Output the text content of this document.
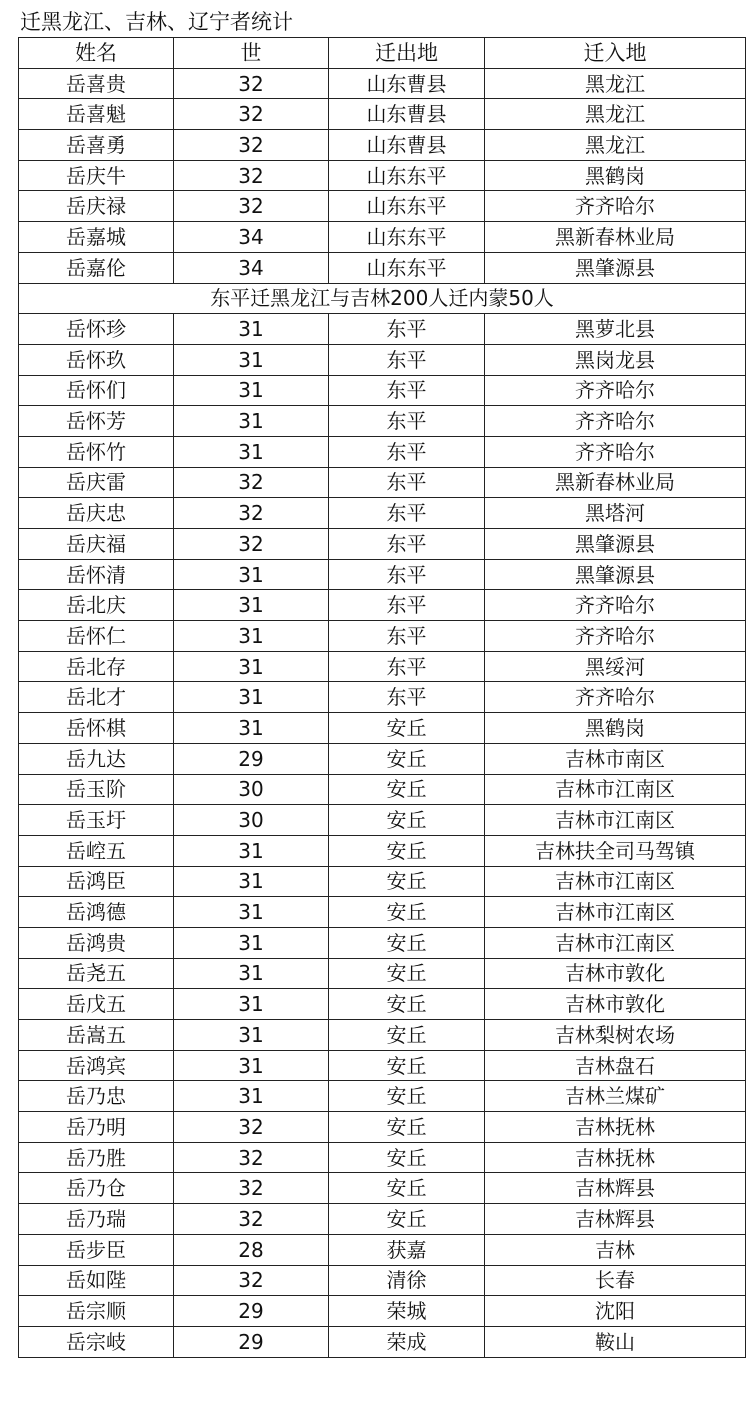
迁黑龙江、吉林、辽宁者统计
姓名	世	迁出地	迁入地
岳喜贵	32	山东曹县	黑龙江
岳喜魁	32	山东曹县	黑龙江
岳喜勇	32	山东曹县	黑龙江
岳庆牛	32	山东东平	黑鹤岗
岳庆禄	32	山东东平	齐齐哈尔
岳嘉城	34	山东东平	黑新春林业局
岳嘉伦	34	山东东平	黑肇源县
东平迁黑龙江与吉林200人迁内蒙50人			
岳怀珍	31	东平	黑萝北县
岳怀玖	31	东平	黑岗龙县
岳怀们	31	东平	齐齐哈尔
岳怀芳	31	东平	齐齐哈尔
岳怀竹	31	东平	齐齐哈尔
岳庆雷	32	东平	黑新春林业局
岳庆忠	32	东平	黑塔河
岳庆福	32	东平	黑肇源县
岳怀清	31	东平	黑肇源县
岳北庆	31	东平	齐齐哈尔
岳怀仁	31	东平	齐齐哈尔
岳北存	31	东平	黑绥河
岳北才	31	东平	齐齐哈尔
岳怀棋	31	安丘	黑鹤岗
岳九达	29	安丘	吉林市南区
岳玉阶	30	安丘	吉林市江南区
岳玉圩	30	安丘	吉林市江南区
岳崆五	31	安丘	吉林扶全司马驾镇
岳鸿臣	31	安丘	吉林市江南区
岳鸿德	31	安丘	吉林市江南区
岳鸿贵	31	安丘	吉林市江南区
岳尧五	31	安丘	吉林市敦化
岳戊五	31	安丘	吉林市敦化
岳嵩五	31	安丘	吉林梨树农场
岳鸿宾	31	安丘	吉林盘石
岳乃忠	31	安丘	吉林兰煤矿
岳乃明	32	安丘	吉林抚林
岳乃胜	32	安丘	吉林抚林
岳乃仓	32	安丘	吉林辉县
岳乃瑞	32	安丘	吉林辉县
岳步臣	28	获嘉	吉林
岳如陛	32	清徐	长春
岳宗顺	29	荣城	沈阳
岳宗岐	29	荣成	鞍山
